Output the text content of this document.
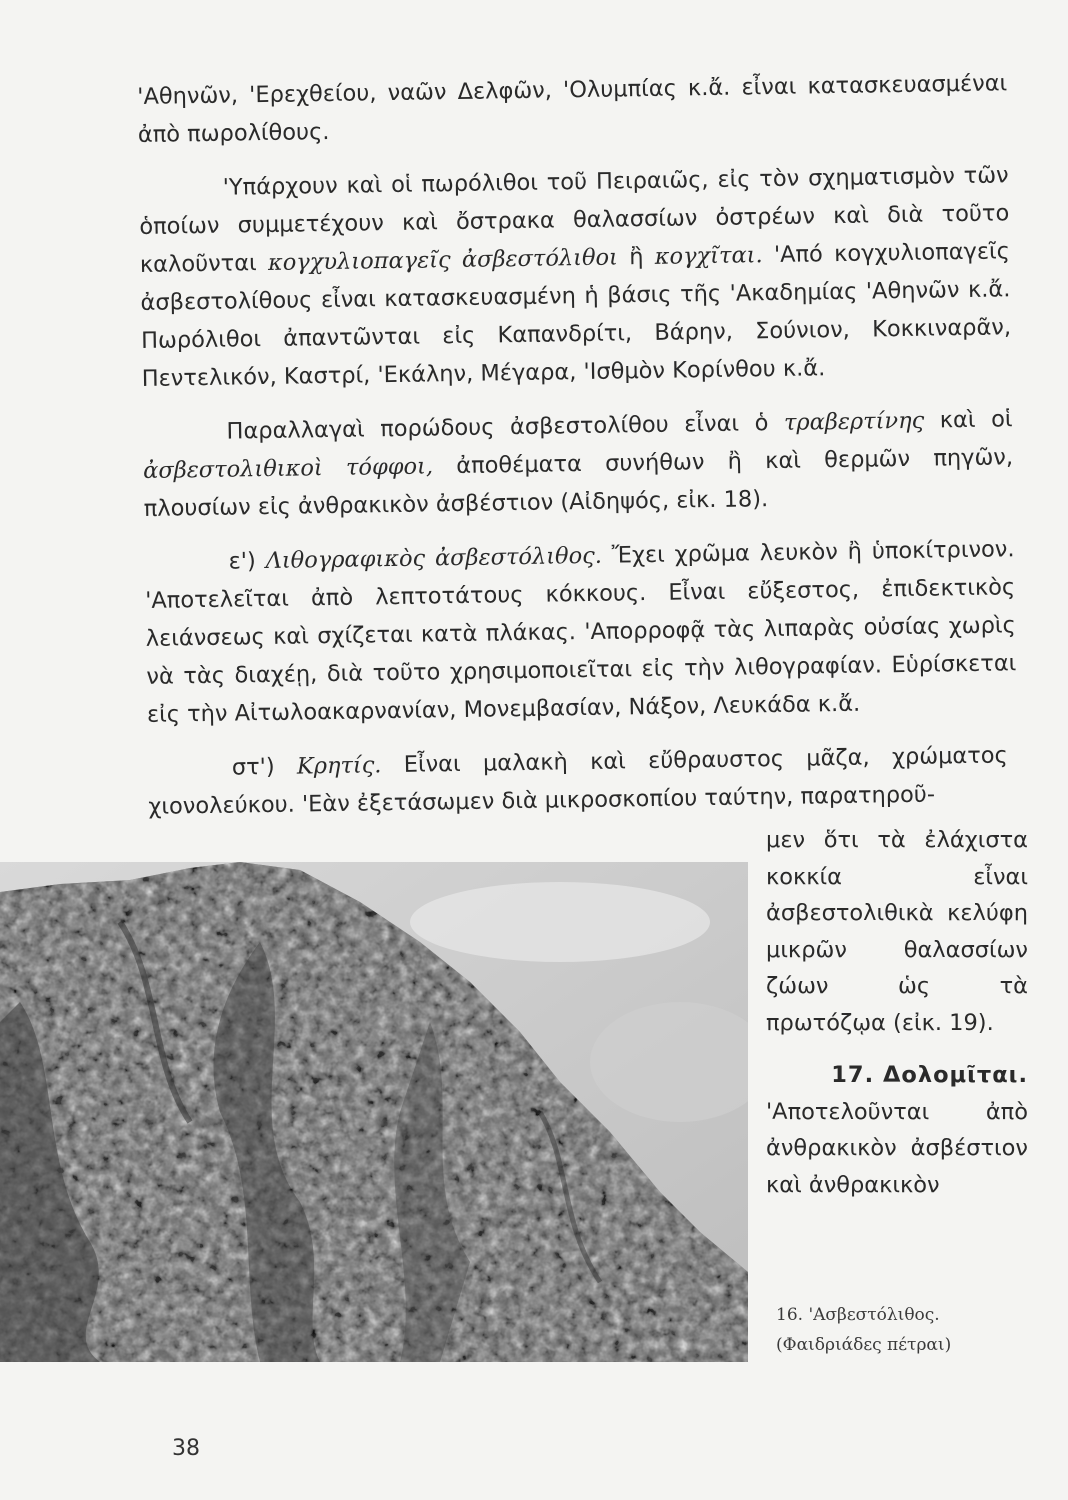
'Αθηνῶν, 'Ερεχθείου, ναῶν Δελφῶν, 'Ολυμπίας κ.ἄ. εἶναι κατασκευασμέναι ἀπὸ πωρολίθους.

'Υπάρχουν καὶ οἱ πωρόλιθοι τοῦ Πειραιῶς, εἰς τὸν σχηματισμὸν τῶν ὁποίων συμμετέχουν καὶ ὄστρακα θαλασσίων ὀστρέων καὶ διὰ τοῦτο καλοῦνται κογχυλιοπαγεῖς ἀσβεστόλιθοι ἢ κογχῖται. 'Από κογχυλιοπαγεῖς ἀσβεστολίθους εἶναι κατασκευασμένη ἡ βάσις τῆς 'Ακαδημίας 'Αθηνῶν κ.ἄ. Πωρόλιθοι ἀπαντῶνται εἰς Καπανδρίτι, Βάρην, Σούνιον, Κοκκιναρᾶν, Πεντελικόν, Καστρί, 'Εκάλην, Μέγαρα, 'Ισθμὸν Κορίνθου κ.ἄ.

Παραλλαγαὶ πορώδους ἀσβεστολίθου εἶναι ὁ τραβερτίνης καὶ οἱ ἀσβεστολιθικοὶ τόφφοι, ἀποθέματα συνήθων ἢ καὶ θερμῶν πηγῶν, πλουσίων εἰς ἀνθρακικὸν ἀσβέστιον (Αἰδηψός, εἰκ. 18).

ε') Λιθογραφικὸς ἀσβεστόλιθος. Ἔχει χρῶμα λευκὸν ἢ ὑποκίτρινον. 'Αποτελεῖται ἀπὸ λεπτοτάτους κόκκους. Εἶναι εὔξεστος, ἐπιδεκτικὸς λειάνσεως καὶ σχίζεται κατὰ πλάκας. 'Απορροφᾷ τὰς λιπαρὰς οὐσίας χωρὶς νὰ τὰς διαχέῃ, διὰ τοῦτο χρησιμοποιεῖται εἰς τὴν λιθογραφίαν. Εὑρίσκεται εἰς τὴν Αἰτωλοακαρνανίαν, Μονεμβασίαν, Νάξον, Λευκάδα κ.ἄ.

στ') Κρητίς. Εἶναι μαλακὴ καὶ εὔθραυστος μᾶζα, χρώματος χιονολεύκου. 'Εὰν ἐξετάσωμεν διὰ μικροσκοπίου ταύτην, παρατηροῦ-

μεν ὅτι τὰ ἐλάχιστα κοκκία εἶναι ἀσβεστολιθικὰ κελύφη μικρῶν θαλασσίων ζώων ὡς τὰ πρωτόζῳα (εἰκ. 19).

17. Δολομῖται.

'Αποτελοῦνται ἀπὸ ἀνθρακικὸν ἀσβέστιον καὶ ἀνθρακικὸν

16. 'Ασβεστόλιθος.
(Φαιδριάδες πέτραι)
38
